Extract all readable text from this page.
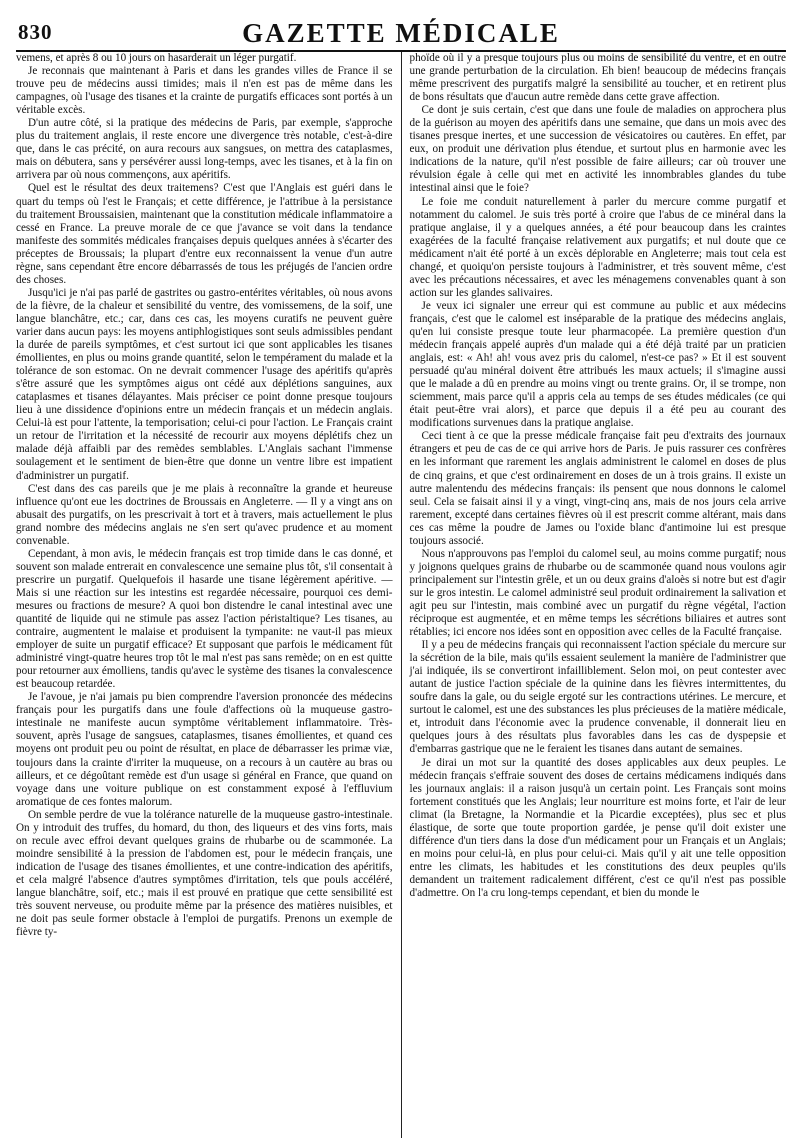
830	GAZETTE MÉDICALE

vemens, et après 8 ou 10 jours on hasarderait un léger purgatif.

Je reconnais que maintenant à Paris et dans les grandes villes de France il se trouve peu de médecins aussi timides; mais il n'en est pas de même dans les campagnes, où l'usage des tisanes et la crainte de purgatifs efficaces sont portés à un véritable excès.

D'un autre côté, si la pratique des médecins de Paris, par exemple, s'approche plus du traitement anglais, il reste encore une divergence très notable, c'est-à-dire que, dans le cas précité, on aura recours aux sangsues, on mettra des cataplasmes, mais on débutera, sans y persévérer aussi long-temps, avec les tisanes, et à la fin on arrivera par où nous commençons, aux apéritifs.

Quel est le résultat des deux traitemens? C'est que l'Anglais est guéri dans le quart du temps où l'est le Français; et cette différence, je l'attribue à la persistance du traitement Broussaisien, maintenant que la constitution médicale inflammatoire a cessé en France. La preuve morale de ce que j'avance se voit dans la tendance manifeste des sommités médicales françaises depuis quelques années à s'écarter des préceptes de Broussais; la plupart d'entre eux reconnaissent la venue d'un autre règne, sans cependant être encore débarrassés de tous les préjugés de l'ancien ordre des choses.

Jusqu'ici je n'ai pas parlé de gastrites ou gastro-entérites véritables, où nous avons de la fièvre, de la chaleur et sensibilité du ventre, des vomissemens, de la soif, une langue blanchâtre, etc.; car, dans ces cas, les moyens curatifs ne peuvent guère varier dans aucun pays: les moyens antiphlogistiques sont seuls admissibles pendant la durée de pareils symptômes, et c'est surtout ici que sont applicables les tisanes émollientes, en plus ou moins grande quantité, selon le tempérament du malade et la tolérance de son estomac. On ne devrait commencer l'usage des apéritifs qu'après s'être assuré que les symptômes aigus ont cédé aux déplétions sanguines, aux cataplasmes et tisanes délayantes. Mais préciser ce point donne presque toujours lieu à une dissidence d'opinions entre un médecin français et un médecin anglais. Celui-là est pour l'attente, la temporisation; celui-ci pour l'action. Le Français craint un retour de l'irritation et la nécessité de recourir aux moyens déplétifs chez un malade déjà affaibli par des remèdes semblables. L'Anglais sachant l'immense soulagement et le sentiment de bien-être que donne un ventre libre est impatient d'administrer un purgatif.

C'est dans des cas pareils que je me plais à reconnaître la grande et heureuse influence qu'ont eue les doctrines de Broussais en Angleterre. — Il y a vingt ans on abusait des purgatifs, on les prescrivait à tort et à travers, mais actuellement le plus grand nombre des médecins anglais ne s'en sert qu'avec prudence et au moment convenable.

Cependant, à mon avis, le médecin français est trop timide dans le cas donné, et souvent son malade entrerait en convalescence une semaine plus tôt, s'il consentait à prescrire un purgatif. Quelquefois il hasarde une tisane légèrement apéritive. — Mais si une réaction sur les intestins est regardée nécessaire, pourquoi ces demi-mesures ou fractions de mesure? A quoi bon distendre le canal intestinal avec une quantité de liquide qui ne stimule pas assez l'action péristaltique? Les tisanes, au contraire, augmentent le malaise et produisent la tympanite: ne vaut-il pas mieux employer de suite un purgatif efficace? Et supposant que parfois le médicament fût administré vingt-quatre heures trop tôt le mal n'est pas sans remède; on en est quitte pour retourner aux émolliens, tandis qu'avec le système des tisanes la convalescence est beaucoup retardée.

Je l'avoue, je n'ai jamais pu bien comprendre l'aversion prononcée des médecins français pour les purgatifs dans une foule d'affections où la muqueuse gastro-intestinale ne manifeste aucun symptôme véritablement inflammatoire. Très-souvent, après l'usage de sangsues, cataplasmes, tisanes émollientes, et quand ces moyens ont produit peu ou point de résultat, en place de débarrasser les primæ viæ, toujours dans la crainte d'irriter la muqueuse, on a recours à un cautère au bras ou ailleurs, et ce dégoûtant remède est d'un usage si général en France, que quand on voyage dans une voiture publique on est constamment exposé à l'effluvium aromatique de ces fontes malorum.

On semble perdre de vue la tolérance naturelle de la muqueuse gastro-intestinale. On y introduit des truffes, du homard, du thon, des liqueurs et des vins forts, mais on recule avec effroi devant quelques grains de rhubarbe ou de scammonée. La moindre sensibilité à la pression de l'abdomen est, pour le médecin français, une indication de l'usage des tisanes émollientes, et une contre-indication des apéritifs, et cela malgré l'absence d'autres symptômes d'irritation, tels que pouls accéléré, langue blanchâtre, soif, etc.; mais il est prouvé en pratique que cette sensibilité est très souvent nerveuse, ou produite même par la présence des matières nuisibles, et ne doit pas seule former obstacle à l'emploi de purgatifs. Prenons un exemple de fièvre ty-

phoïde où il y a presque toujours plus ou moins de sensibilité du ventre, et en outre une grande perturbation de la circulation. Eh bien! beaucoup de médecins français même prescrivent des purgatifs malgré la sensibilité au toucher, et en retirent plus de bons résultats que d'aucun autre remède dans cette grave affection.

Ce dont je suis certain, c'est que dans une foule de maladies on approchera plus de la guérison au moyen des apéritifs dans une semaine, que dans un mois avec des tisanes presque inertes, et une succession de vésicatoires ou cautères. En effet, par eux, on produit une dérivation plus étendue, et surtout plus en harmonie avec les indications de la nature, qu'il n'est possible de faire ailleurs; car où trouver une révulsion égale à celle qui met en activité les innombrables glandes du tube intestinal ainsi que le foie?

Le foie me conduit naturellement à parler du mercure comme purgatif et notamment du calomel. Je suis très porté à croire que l'abus de ce minéral dans la pratique anglaise, il y a quelques années, a été pour beaucoup dans les craintes exagérées de la faculté française relativement aux purgatifs; et nul doute que ce médicament n'ait été porté à un excès déplorable en Angleterre; mais tout cela est changé, et quoiqu'on persiste toujours à l'administrer, et très souvent même, c'est avec les précautions nécessaires, et avec les ménagemens convenables quant à son action sur les glandes salivaires.

Je veux ici signaler une erreur qui est commune au public et aux médecins français, c'est que le calomel est inséparable de la pratique des médecins anglais, qu'en lui consiste presque toute leur pharmacopée. La première question d'un médecin français appelé auprès d'un malade qui a été déjà traité par un praticien anglais, est: « Ah! ah! vous avez pris du calomel, n'est-ce pas? » Et il est souvent persuadé qu'au minéral doivent être attribués les maux actuels; il s'imagine aussi que le malade a dû en prendre au moins vingt ou trente grains. Or, il se trompe, non sciemment, mais parce qu'il a appris cela au temps de ses études médicales (ce qui était peut-être vrai alors), et parce que depuis il a été peu au courant des modifications survenues dans la pratique anglaise.

Ceci tient à ce que la presse médicale française fait peu d'extraits des journaux étrangers et peu de cas de ce qui arrive hors de Paris. Je puis rassurer ces confrères en les informant que rarement les anglais administrent le calomel en doses de plus de cinq grains, et que c'est ordinairement en doses de un à trois grains. Il existe un autre malentendu des médecins français: ils pensent que nous donnons le calomel seul. Cela se faisait ainsi il y a vingt, vingt-cinq ans, mais de nos jours cela arrive rarement, excepté dans certaines fièvres où il est prescrit comme altérant, mais dans ces cas même la poudre de James ou l'oxide blanc d'antimoine lui est presque toujours associé.

Nous n'approuvons pas l'emploi du calomel seul, au moins comme purgatif; nous y joignons quelques grains de rhubarbe ou de scammonée quand nous voulons agir principalement sur l'intestin grêle, et un ou deux grains d'aloès si notre but est d'agir sur le gros intestin. Le calomel administré seul produit ordinairement la salivation et agit peu sur l'intestin, mais combiné avec un purgatif du règne végétal, l'action réciproque est augmentée, et en même temps les sécrétions biliaires et autres sont rétablies; ici encore nos idées sont en opposition avec celles de la Faculté française.

Il y a peu de médecins français qui reconnaissent l'action spéciale du mercure sur la sécrétion de la bile, mais qu'ils essaient seulement la manière de l'administrer que j'ai indiquée, ils se convertiront infailliblement. Selon moi, on peut contester avec autant de justice l'action spéciale de la quinine dans les fièvres intermittentes, du soufre dans la gale, ou du seigle ergoté sur les contractions utérines. Le mercure, et surtout le calomel, est une des substances les plus précieuses de la matière médicale, et, introduit dans l'économie avec la prudence convenable, il donnerait lieu en quelques jours à des résultats plus favorables dans les cas de dyspepsie et d'embarras gastrique que ne le feraient les tisanes dans autant de semaines.

Je dirai un mot sur la quantité des doses applicables aux deux peuples. Le médecin français s'effraie souvent des doses de certains médicamens indiqués dans les journaux anglais: il a raison jusqu'à un certain point. Les Français sont moins fortement constitués que les Anglais; leur nourriture est moins forte, et l'air de leur climat (la Bretagne, la Normandie et la Picardie exceptées), plus sec et plus élastique, de sorte que toute proportion gardée, je pense qu'il doit exister une différence d'un tiers dans la dose d'un médicament pour un Français et un Anglais; en moins pour celui-là, en plus pour celui-ci. Mais qu'il y ait une telle opposition entre les climats, les habitudes et les constitutions des deux peuples qu'ils demandent un traitement radicalement différent, c'est ce qu'il n'est pas possible d'admettre. On l'a cru long-temps cependant, et bien du monde le
